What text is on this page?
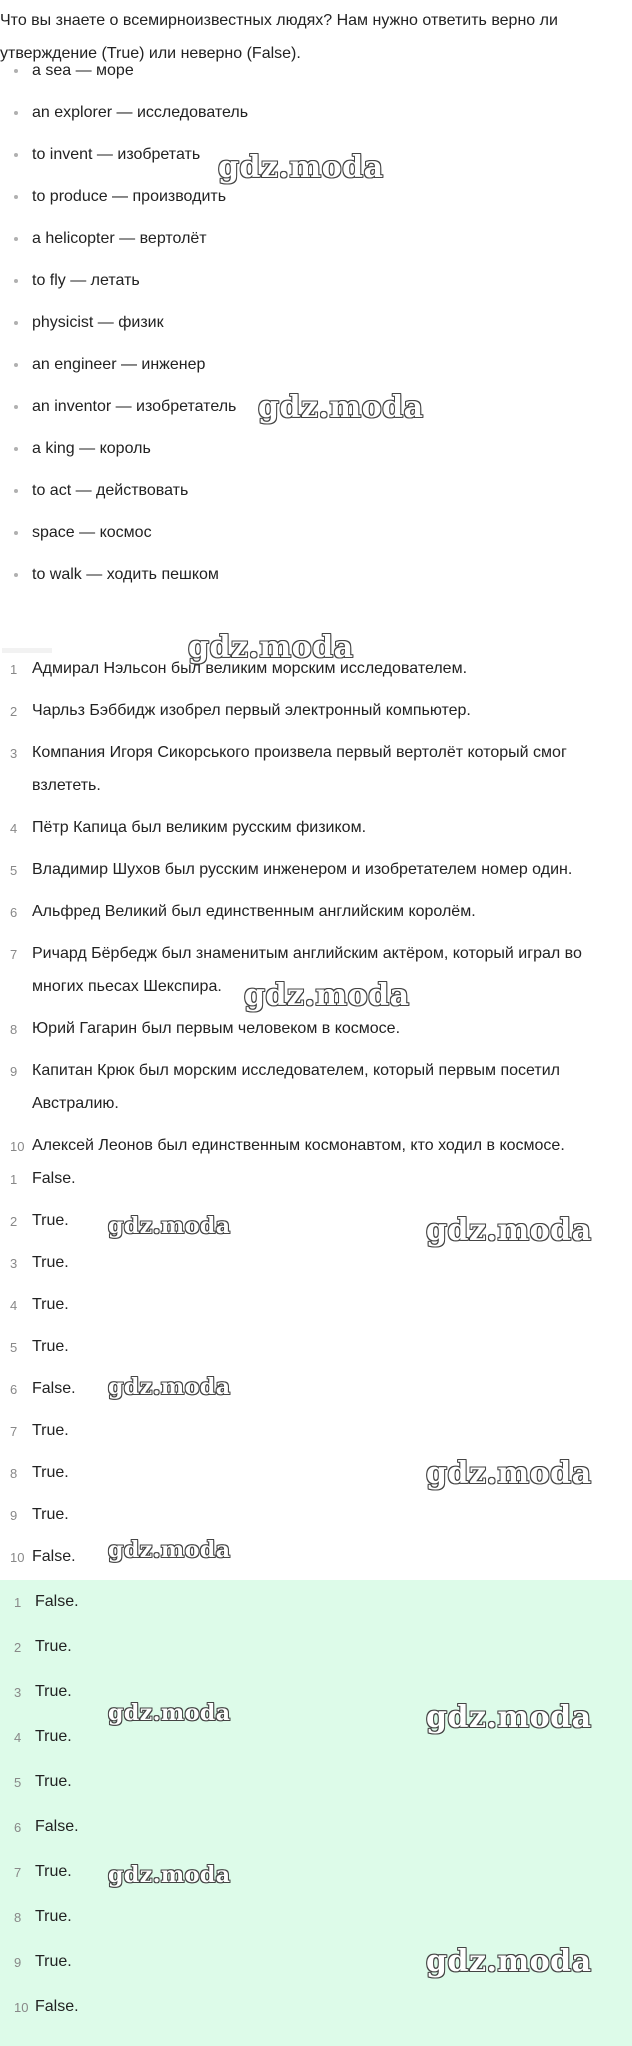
Что вы знаете о всемирноизвестных людях? Нам нужно ответить верно ли утверждение (True) или неверно (False).
a sea — море
an explorer — исследователь
to invent — изобретать
to produce — производить
a helicopter — вертолёт
to fly — летать
physicist — физик
an engineer — инженер
an inventor — изобретатель
a king — король
to act — действовать
space — космос
to walk — ходить пешком
1 Адмирал Нэльсон был великим морским исследователем.
2 Чарльз Бэббидж изобрел первый электронный компьютер.
3 Компания Игоря Сикорського произвела первый вертолёт который смог взлететь.
4 Пётр Капица был великим русским физиком.
5 Владимир Шухов был русским инженером и изобретателем номер один.
6 Альфред Великий был единственным английским королём.
7 Ричард Бёрбедж был знаменитым английским актёром, который играл во многих пьесах Шекспира.
8 Юрий Гагарин был первым человеком в космосе.
9 Капитан Крюк был морским исследователем, который первым посетил Австралию.
10 Алексей Леонов был единственным космонавтом, кто ходил в космосе.
1 False.
2 True.
3 True.
4 True.
5 True.
6 False.
7 True.
8 True.
9 True.
10 False.
1 False.
2 True.
3 True.
4 True.
5 True.
6 False.
7 True.
8 True.
9 True.
10 False.
gdz.moda
gdz.moda
gdz.moda
gdz.moda
gdz.moda	gdz.moda
gdz.moda
gdz.moda
gdz.moda
gdz.moda	gdz.moda
gdz.moda
gdz.moda
